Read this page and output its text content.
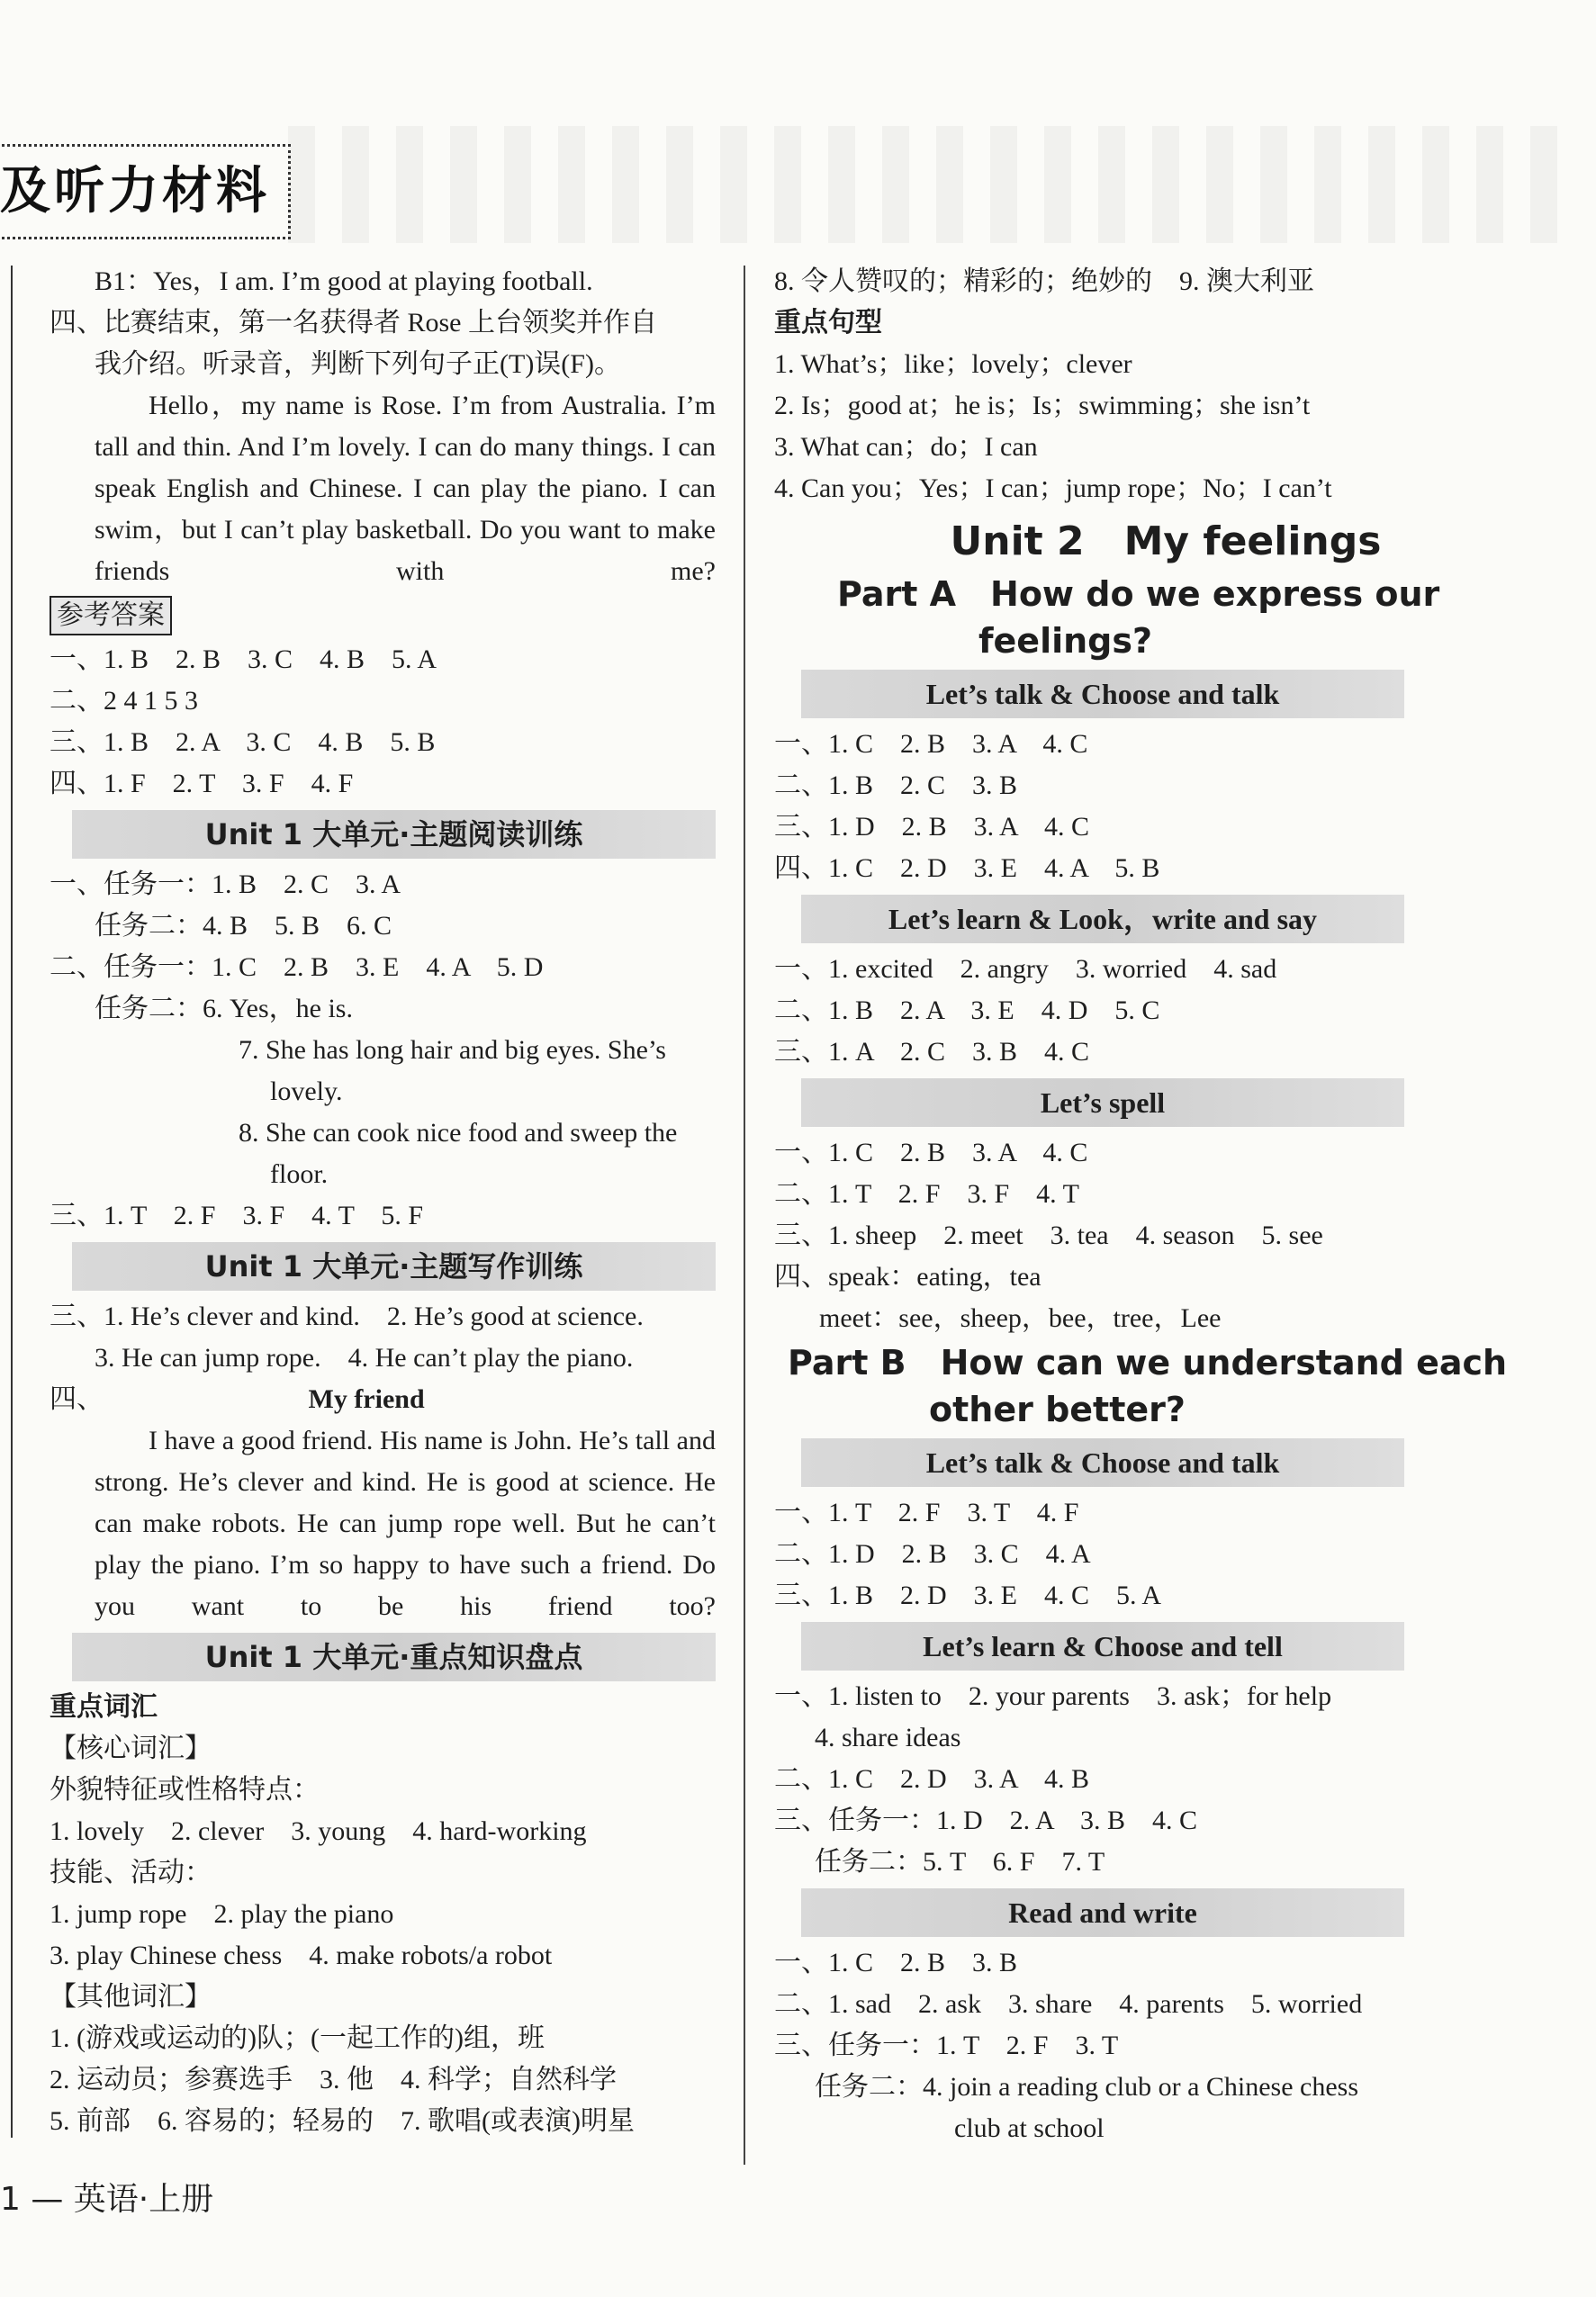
及听力材料
B1：Yes，I am. I’m good at playing football.
四、比赛结束，第一名获得者 Rose 上台领奖并作自
我介绍。听录音，判断下列句子正(T)误(F)。
Hello，my name is Rose. I’m from Australia. I’m tall and thin. And I’m lovely. I can do many things. I can speak English and Chinese. I can play the piano. I can swim，but I can’t play basketball. Do you want to make friends with me?
参考答案
一、1. B　2. B　3. C　4. B　5. A
二、2 4 1 5 3
三、1. B　2. A　3. C　4. B　5. B
四、1. F　2. T　3. F　4. F
Unit 1 大单元·主题阅读训练
一、任务一：1. B　2. C　3. A
任务二：4. B　5. B　6. C
二、任务一：1. C　2. B　3. E　4. A　5. D
任务二：6. Yes，he is.
7. She has long hair and big eyes. She’s
lovely.
8. She can cook nice food and sweep the
floor.
三、1. T　2. F　3. F　4. T　5. F
Unit 1 大单元·主题写作训练
三、1. He’s clever and kind.　2. He’s good at science.
3. He can jump rope.　4. He can’t play the piano.
四、	My friend
I have a good friend. His name is John. He’s tall and strong. He’s clever and kind. He is good at science. He can make robots. He can jump rope well. But he can’t play the piano. I’m so happy to have such a friend. Do you want to be his friend too?
Unit 1 大单元·重点知识盘点
重点词汇
【核心词汇】
外貌特征或性格特点：
1. lovely　2. clever　3. young　4. hard-working
技能、活动：
1. jump rope　2. play the piano
3. play Chinese chess　4. make robots/a robot
【其他词汇】
1. (游戏或运动的)队；(一起工作的)组，班
2. 运动员；参赛选手　3. 他　4. 科学；自然科学
5. 前部　6. 容易的；轻易的　7. 歌唱(或表演)明星
8. 令人赞叹的；精彩的；绝妙的　9. 澳大利亚
重点句型
1. What’s；like；lovely；clever
2. Is；good at；he is；Is；swimming；she isn’t
3. What can；do；I can
4. Can you；Yes；I can；jump rope；No；I can’t
Unit 2　My feelings
Part A　How do we express our
feelings?
Let’s talk & Choose and talk
一、1. C　2. B　3. A　4. C
二、1. B　2. C　3. B
三、1. D　2. B　3. A　4. C
四、1. C　2. D　3. E　4. A　5. B
Let’s learn & Look，write and say
一、1. excited　2. angry　3. worried　4. sad
二、1. B　2. A　3. E　4. D　5. C
三、1. A　2. C　3. B　4. C
Let’s spell
一、1. C　2. B　3. A　4. C
二、1. T　2. F　3. F　4. T
三、1. sheep　2. meet　3. tea　4. season　5. see
四、speak：eating，tea
meet：see，sheep，bee，tree，Lee
Part B　How can we understand each
other better?
Let’s talk & Choose and talk
一、1. T　2. F　3. T　4. F
二、1. D　2. B　3. C　4. A
三、1. B　2. D　3. E　4. C　5. A
Let’s learn & Choose and tell
一、1. listen to　2. your parents　3. ask；for help
4. share ideas
二、1. C　2. D　3. A　4. B
三、任务一：1. D　2. A　3. B　4. C
任务二：5. T　6. F　7. T
Read and write
一、1. C　2. B　3. B
二、1. sad　2. ask　3. share　4. parents　5. worried
三、任务一：1. T　2. F　3. T
任务二：4. join a reading club or a Chinese chess
club at school
1 — 英语·上册
